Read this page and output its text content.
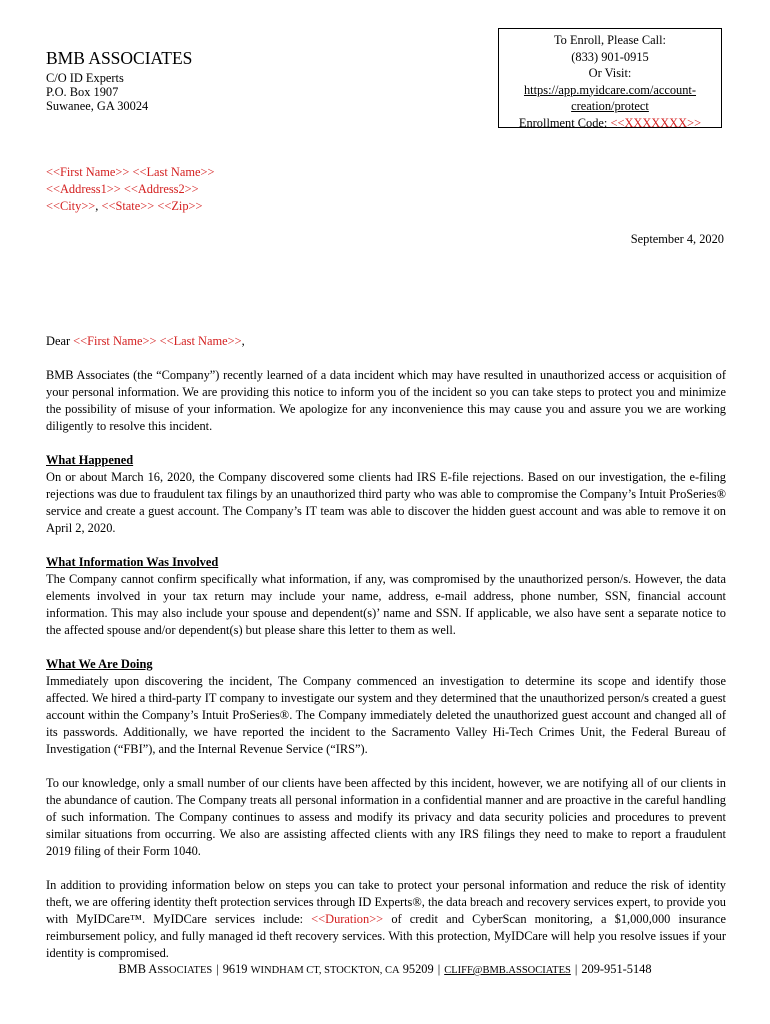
BMB ASSOCIATES
C/O ID Experts
P.O. Box 1907
Suwanee, GA 30024
To Enroll, Please Call:
(833) 901-0915
Or Visit:
https://app.myidcare.com/account-
creation/protect
Enrollment Code: <<XXXXXXX>>
<<First Name>> <<Last Name>>
<<Address1>> <<Address2>>
<<City>>, <<State>> <<Zip>>
September 4, 2020

Dear <<First Name>> <<Last Name>>,

BMB Associates (the “Company”) recently learned of a data incident which may have resulted in unauthorized access or acquisition of your personal information. We are providing this notice to inform you of the incident so you can take steps to protect you and minimize the possibility of misuse of your information. We apologize for any inconvenience this may cause you and assure you we are working diligently to resolve this incident.

What Happened
On or about March 16, 2020, the Company discovered some clients had IRS E-file rejections. Based on our investigation, the e-filing rejections was due to fraudulent tax filings by an unauthorized third party who was able to compromise the Company’s Intuit ProSeries® service and create a guest account. The Company’s IT team was able to discover the hidden guest account and was able to remove it on April 2, 2020.

What Information Was Involved
The Company cannot confirm specifically what information, if any, was compromised by the unauthorized person/s. However, the data elements involved in your tax return may include your name, address, e-mail address, phone number, SSN, financial account information. This may also include your spouse and dependent(s)’ name and SSN. If applicable, we also have sent a separate notice to the affected spouse and/or dependent(s) but please share this letter to them as well.

What We Are Doing
Immediately upon discovering the incident, The Company commenced an investigation to determine its scope and identify those affected. We hired a third-party IT company to investigate our system and they determined that the unauthorized person/s created a guest account within the Company’s Intuit ProSeries®. The Company immediately deleted the unauthorized guest account and changed all of its passwords. Additionally, we have reported the incident to the Sacramento Valley Hi-Tech Crimes Unit, the Federal Bureau of Investigation (“FBI”), and the Internal Revenue Service (“IRS”).

To our knowledge, only a small number of our clients have been affected by this incident, however, we are notifying all of our clients in the abundance of caution. The Company treats all personal information in a confidential manner and are proactive in the careful handling of such information. The Company continues to assess and modify its privacy and data security policies and procedures to prevent similar situations from occurring. We also are assisting affected clients with any IRS filings they need to make to report a fraudulent 2019 filing of their Form 1040.

In addition to providing information below on steps you can take to protect your personal information and reduce the risk of identity theft, we are offering identity theft protection services through ID Experts®, the data breach and recovery services expert, to provide you with MyIDCare™. MyIDCare services include: <<Duration>> of credit and CyberScan monitoring, a $1,000,000 insurance reimbursement policy, and fully managed id theft recovery services. With this protection, MyIDCare will help you resolve issues if your identity is compromised.

BMB ASSOCIATES | 9619 WINDHAM CT, STOCKTON, CA 95209 | CLIFF@BMB.ASSOCIATES | 209-951-5148
